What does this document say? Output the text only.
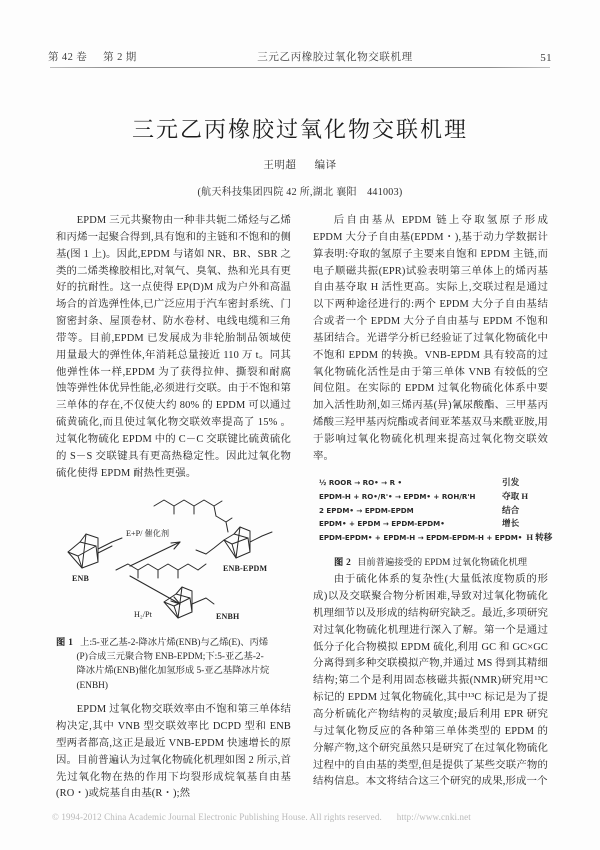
第 42 卷 第 2 期	三元乙丙橡胶过氧化物交联机理	51
三元乙丙橡胶过氧化物交联机理
王明超 编译
(航天科技集团四院 42 所,湖北 襄阳　441003)

EPDM 三元共聚物由一种非共轭二烯烃与乙烯和丙烯一起聚合得到,具有饱和的主链和不饱和的侧基(图 1 上)。因此,EPDM 与诸如 NR、BR、SBR 之类的二烯类橡胶相比,对氧气、臭氧、热和光具有更好的抗耐性。这一点使得 EP(D)M 成为户外和高温场合的首选弹性体,已广泛应用于汽车密封系统、门窗密封条、屋顶卷材、防水卷材、电线电缆和三角带等。目前,EPDM 已发展成为非轮胎制品领域使用量最大的弹性体,年消耗总量接近 110 万 t。同其他弹性体一样,EPDM 为了获得拉伸、撕裂和耐腐蚀等弹性体优异性能,必须进行交联。由于不饱和第三单体的存在,不仅使大约 80% 的 EPDM 可以通过硫黄硫化,而且使过氧化物交联效率提高了 15% 。过氧化物硫化 EPDM 中的 C－C 交联键比硫黄硫化的 S－S 交联键具有更高热稳定性。因此过氧化物硫化使得 EPDM 耐热性更强。

E+P/ 催化剂
H₂/Pt
ENB
ENB-EPDM
ENBH
图 1 上:5-亚乙基-2-降冰片烯(ENB)与乙烯(E)、丙烯
(P)合成三元聚合物 ENB-EPDM;下:5-亚乙基-2-
降冰片烯(ENB)催化加氢形成 5-亚乙基降冰片烷
(ENBH)

EPDM 过氧化物交联效率由不饱和第三单体结构决定,其中 VNB 型交联效率比 DCPD 型和 ENB 型两者都高,这正是最近 VNB-EPDM 快速增长的原因。目前普遍认为过氧化物硫化机理如图 2 所示,首先过氧化物在热的作用下均裂形成烷氧基自由基(RO・)或烷基自由基(R・);然

后自由基从 EPDM 链上夺取氢原子形成 EPDM 大分子自由基(EPDM・),基于动力学数据计算表明:夺取的氢原子主要来自饱和 EPDM 主链,而电子顺磁共振(EPR)试验表明第三单体上的烯丙基自由基夺取 H 活性更高。实际上,交联过程是通过以下两种途径进行的:两个 EPDM 大分子自由基结合或者一个 EPDM 大分子自由基与 EPDM 不饱和基团结合。光谱学分析已经验证了过氧化物硫化中不饱和 EPDM 的转换。VNB-EPDM 具有较高的过氧化物硫化活性是由于第三单体 VNB 有较低的空间位阻。在实际的 EPDM 过氧化物硫化体系中要加入活性助剂,如三烯丙基(异)氰尿酸酯、三甲基丙烯酸三羟甲基丙烷酯或者间亚苯基双马来酰亚胺,用于影响过氧化物硫化机理来提高过氧化物交联效率。

½ ROOR → RO• → R •	引发
EPDM-H + RO•/R'• → EPDM• + ROH/R'H	夺取 H
2 EPDM• → EPDM-EPDM	结合
EPDM• + EPDM → EPDM-EPDM•	增长
EPDM-EPDM• + EPDM-H → EPDM-EPDM-H + EPDM• H 转移
图 2 目前普遍接受的 EPDM 过氧化物硫化机理

由于硫化体系的复杂性(大量低浓度物质的形成)以及交联聚合物分析困难,导致对过氧化物硫化机理细节以及形成的结构研究缺乏。最近,多项研究对过氧化物硫化机理进行深入了解。第一个是通过低分子化合物模拟 EPDM 硫化,利用 GC 和 GC×GC 分离得到多种交联模拟产物,并通过 MS 得到其精细结构;第二个是利用固态核磁共振(NMR)研究用¹³C 标记的 EPDM 过氧化物硫化,其中¹³C 标记是为了提高分析硫化产物结构的灵敏度;最后利用 EPR 研究与过氧化物反应的各种第三单体类型的 EPDM 的分解产物,这个研究虽然只是研究了在过氧化物硫化过程中的自由基的类型,但是提供了某些交联产物的结构信息。本文将结合这三个研究的成果,形成一个

© 1994-2012 China Academic Journal Electronic Publishing House. All rights reserved. http://www.cnki.net
